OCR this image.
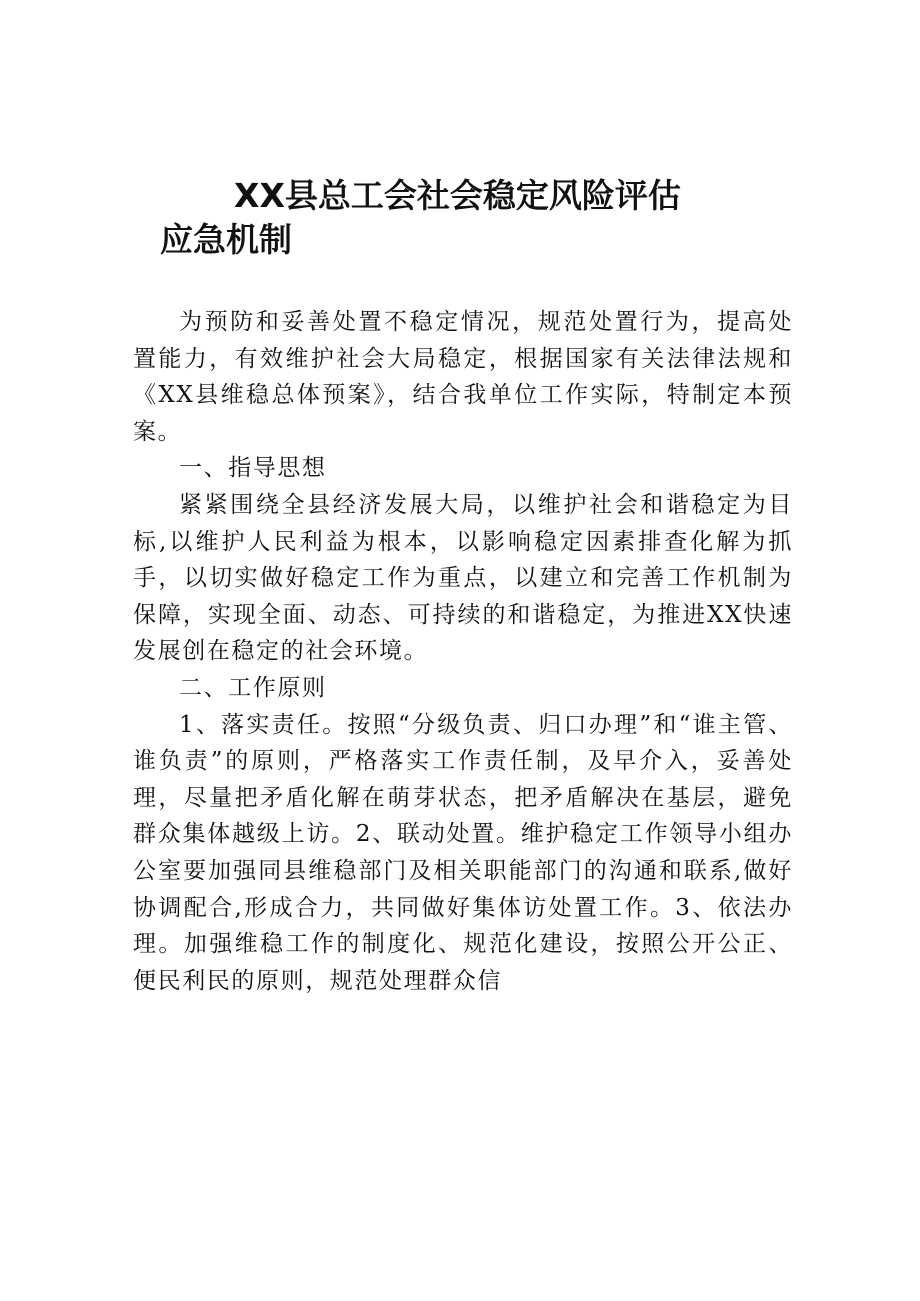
XX县总工会社会稳定风险评估
应急机制

为预防和妥善处置不稳定情况，规范处置行为，提高处置能力，有效维护社会大局稳定，根据国家有关法律法规和《XX县维稳总体预案》，结合我单位工作实际，特制定本预案。

一、指导思想

紧紧围绕全县经济发展大局，以维护社会和谐稳定为目标,以维护人民利益为根本，以影响稳定因素排查化解为抓手，以切实做好稳定工作为重点，以建立和完善工作机制为保障，实现全面、动态、可持续的和谐稳定，为推进XX快速发展创在稳定的社会环境。

二、工作原则

1、落实责任。按照“分级负责、归口办理”和“谁主管、谁负责”的原则，严格落实工作责任制，及早介入，妥善处理，尽量把矛盾化解在萌芽状态，把矛盾解决在基层，避免群众集体越级上访。2、联动处置。维护稳定工作领导小组办公室要加强同县维稳部门及相关职能部门的沟通和联系,做好协调配合,形成合力，共同做好集体访处置工作。3、依法办理。加强维稳工作的制度化、规范化建设，按照公开公正、便民利民的原则，规范处理群众信
